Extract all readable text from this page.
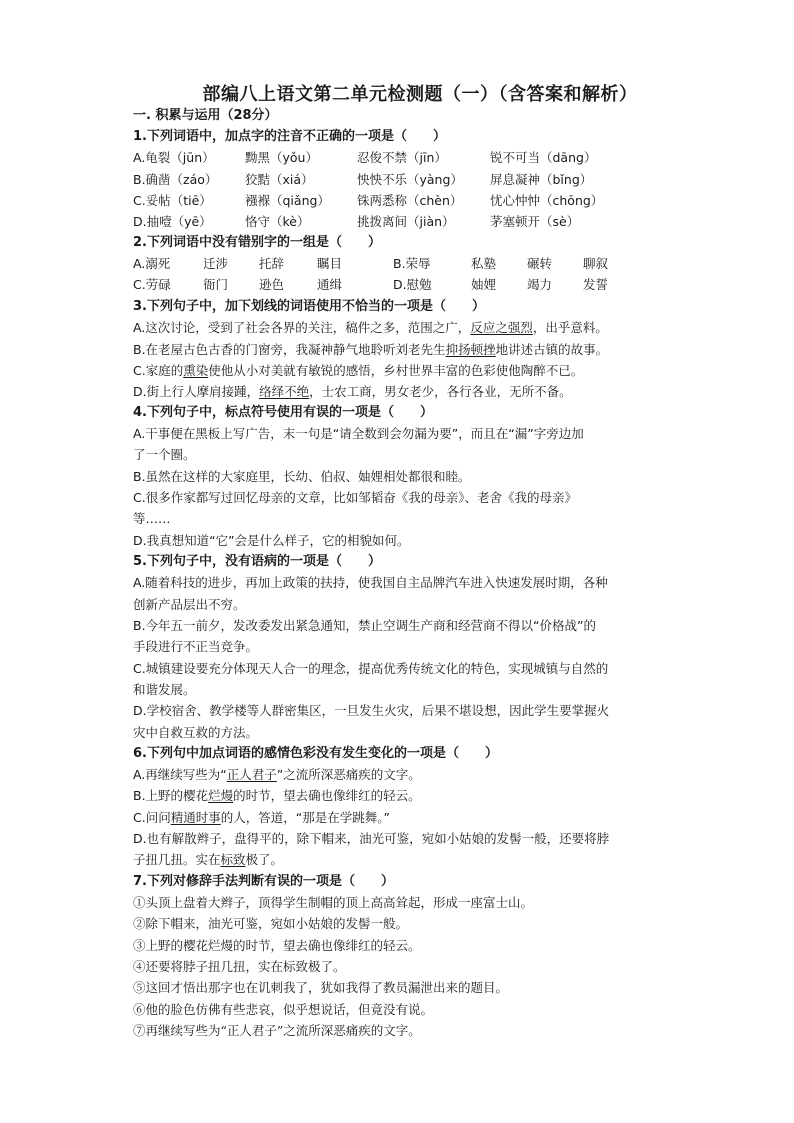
部编八上语文第二单元检测题（一）（含答案和解析）
一. 积累与运用（28分）
1.下列词语中，加点字的注音不正确的一项是（　　）
A.龟裂（jūn） 黝黑（yǒu）	忍俊不禁（jīn）	锐不可当（dāng）
B.确凿（záo） 狡黠（xiá）	怏怏不乐（yàng） 屏息凝神（bǐng）
C.妥帖（tiē）	襁褓（qiǎng） 铢两悉称（chèn） 忧心忡忡（chōng）
D.抽噎（yē）	恪守（kè）	挑拨离间（jiàn）	茅塞顿开（sè）
2.下列词语中没有错别字的一组是（　　）
A.溺死	迁涉 托辞	瞩目	B.荣辱	私塾 碾转 聊叙
C.劳碌	衙门 逊色	通缉	D.慰勉	妯娌 竭力 发誓
3.下列句子中，加下划线的词语使用不恰当的一项是（　　）
A.这次讨论，受到了社会各界的关注，稿件之多，范围之广，反应之强烈，出乎意料。
B.在老屋古色古香的门窗旁，我凝神静气地聆听刘老先生抑扬顿挫地讲述古镇的故事。
C.家庭的熏染使他从小对美就有敏锐的感悟，乡村世界丰富的色彩使他陶醉不已。
D.街上行人摩肩接踵，络绎不绝，士农工商，男女老少，各行各业，无所不备。
4.下列句子中，标点符号使用有误的一项是（　　）
A.干事便在黑板上写广告，末一句是“请全数到会勿漏为要”，而且在“漏”字旁边加
了一个圈。
B.虽然在这样的大家庭里，长幼、伯叔、妯娌相处都很和睦。
C.很多作家都写过回忆母亲的文章，比如邹韬奋《我的母亲》、老舍《我的母亲》
等……
D.我真想知道“它”会是什么样子，它的相貌如何。
5.下列句子中，没有语病的一项是（　　）
A.随着科技的进步，再加上政策的扶持，使我国自主品牌汽车进入快速发展时期，各种
创新产品层出不穷。
B.今年五一前夕，发改委发出紧急通知，禁止空调生产商和经营商不得以“价格战”的
手段进行不正当竞争。
C.城镇建设要充分体现天人合一的理念，提高优秀传统文化的特色，实现城镇与自然的
和谐发展。
D.学校宿舍、教学楼等人群密集区，一旦发生火灾，后果不堪设想，因此学生要掌握火
灾中自救互救的方法。
6.下列句中加点词语的感情色彩没有发生变化的一项是（　　）
A.再继续写些为“正人君子”之流所深恶痛疾的文字。
B.上野的樱花烂熳的时节，望去确也像绯红的轻云。
C.问问精通时事的人，答道，“那是在学跳舞。”
D.也有解散辫子，盘得平的，除下帽来，油光可鉴，宛如小姑娘的发髻一般，还要将脖
子扭几扭。实在标致极了。
7.下列对修辞手法判断有误的一项是（　　）
①头顶上盘着大辫子，顶得学生制帽的顶上高高耸起，形成一座富士山。
②除下帽来，油光可鉴，宛如小姑娘的发髻一般。
③上野的樱花烂熳的时节，望去确也像绯红的轻云。
④还要将脖子扭几扭，实在标致极了。
⑤这回才悟出那字也在讥刺我了，犹如我得了教员漏泄出来的题目。
⑥他的脸色仿佛有些悲哀，似乎想说话，但竟没有说。
⑦再继续写些为“正人君子”之流所深恶痛疾的文字。
